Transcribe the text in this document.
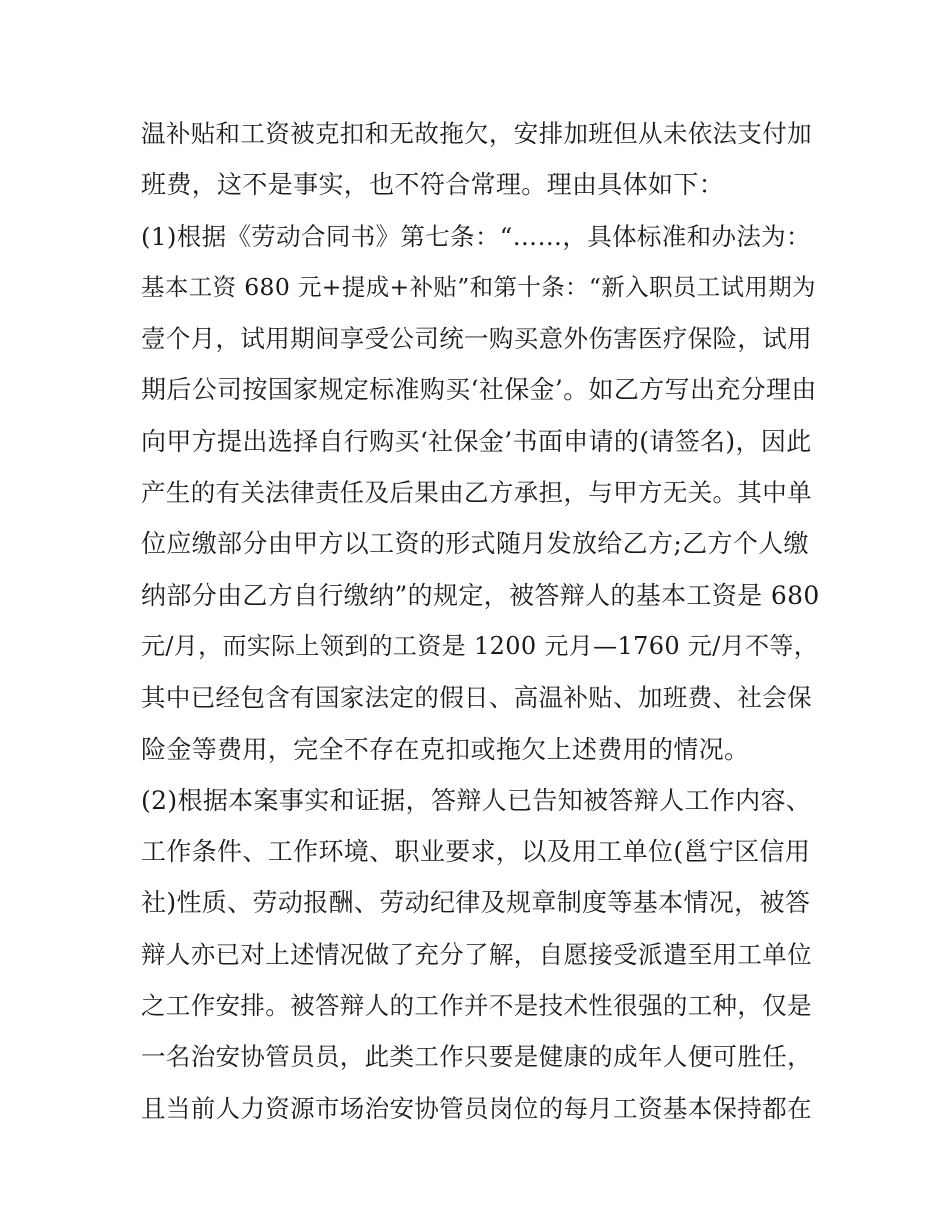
温补贴和工资被克扣和无故拖欠，安排加班但从未依法支付加
班费，这不是事实，也不符合常理。理由具体如下：
(1)根据《劳动合同书》第七条：“……，具体标准和办法为：
基本工资 680 元+提成+补贴”和第十条：“新入职员工试用期为
壹个月，试用期间享受公司统一购买意外伤害医疗保险，试用
期后公司按国家规定标准购买‘社保金’。如乙方写出充分理由
向甲方提出选择自行购买‘社保金’书面申请的(请签名)，因此
产生的有关法律责任及后果由乙方承担，与甲方无关。其中单
位应缴部分由甲方以工资的形式随月发放给乙方;乙方个人缴
纳部分由乙方自行缴纳”的规定，被答辩人的基本工资是 680
元/月，而实际上领到的工资是 1200 元月—1760 元/月不等，
其中已经包含有国家法定的假日、高温补贴、加班费、社会保
险金等费用，完全不存在克扣或拖欠上述费用的情况。
(2)根据本案事实和证据，答辩人已告知被答辩人工作内容、
工作条件、工作环境、职业要求，以及用工单位(邕宁区信用
社)性质、劳动报酬、劳动纪律及规章制度等基本情况，被答
辩人亦已对上述情况做了充分了解，自愿接受派遣至用工单位
之工作安排。被答辩人的工作并不是技术性很强的工种，仅是
一名治安协管员员，此类工作只要是健康的成年人便可胜任，
且当前人力资源市场治安协管员岗位的每月工资基本保持都在
